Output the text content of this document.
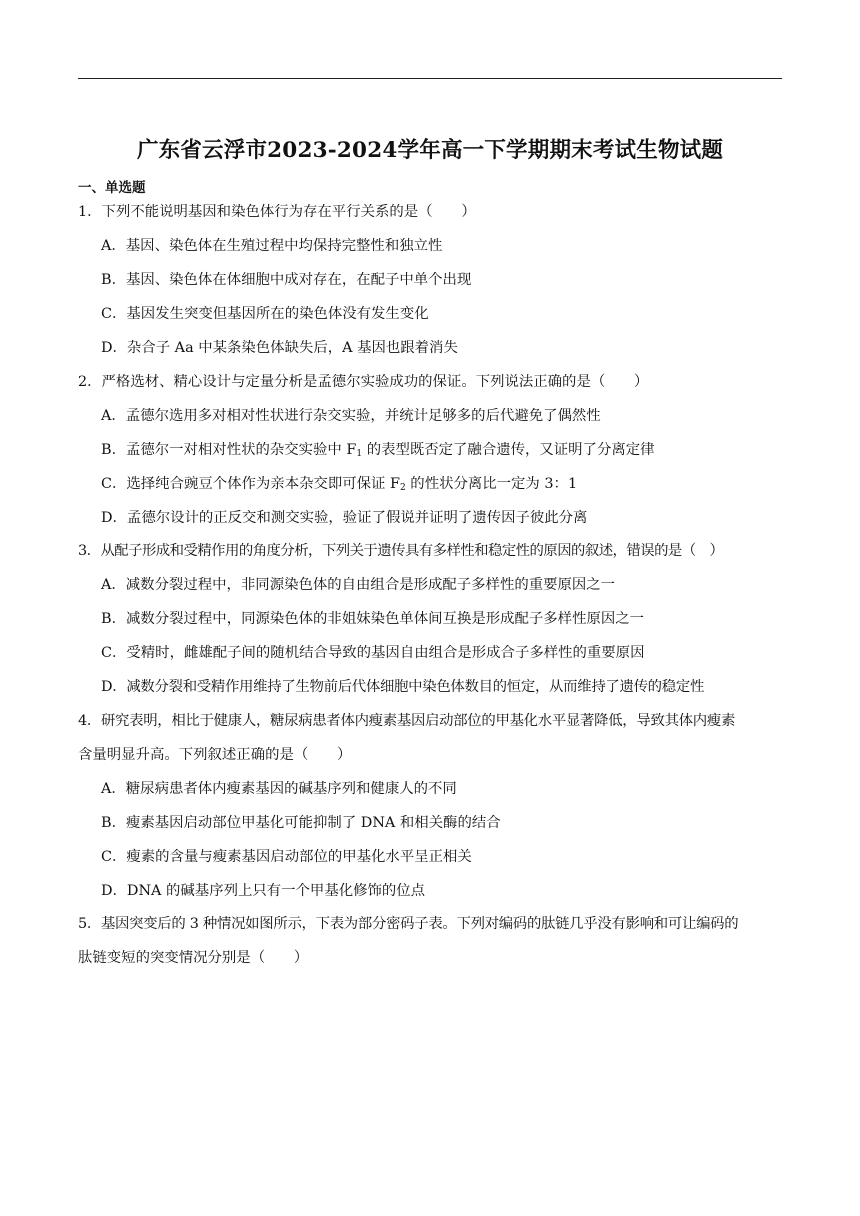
广东省云浮市2023-2024学年高一下学期期末考试生物试题
一、单选题
1．下列不能说明基因和染色体行为存在平行关系的是（　　）
A．基因、染色体在生殖过程中均保持完整性和独立性
B．基因、染色体在体细胞中成对存在，在配子中单个出现
C．基因发生突变但基因所在的染色体没有发生变化
D．杂合子 Aa 中某条染色体缺失后，A 基因也跟着消失
2．严格选材、精心设计与定量分析是孟德尔实验成功的保证。下列说法正确的是（　　）
A．孟德尔选用多对相对性状进行杂交实验，并统计足够多的后代避免了偶然性
B．孟德尔一对相对性状的杂交实验中 $F_1$ 的表型既否定了融合遗传，又证明了分离定律
C．选择纯合豌豆个体作为亲本杂交即可保证 $F_2$ 的性状分离比一定为 3：1
D．孟德尔设计的正反交和测交实验，验证了假说并证明了遗传因子彼此分离
3．从配子形成和受精作用的角度分析，下列关于遗传具有多样性和稳定性的原因的叙述，错误的是（　）
A．减数分裂过程中，非同源染色体的自由组合是形成配子多样性的重要原因之一
B．减数分裂过程中，同源染色体的非姐妹染色单体间互换是形成配子多样性原因之一
C．受精时，雌雄配子间的随机结合导致的基因自由组合是形成合子多样性的重要原因
D．减数分裂和受精作用维持了生物前后代体细胞中染色体数目的恒定，从而维持了遗传的稳定性
4．研究表明，相比于健康人，糖尿病患者体内瘦素基因启动部位的甲基化水平显著降低，导致其体内瘦素
含量明显升高。下列叙述正确的是（　　）
A．糖尿病患者体内瘦素基因的碱基序列和健康人的不同
B．瘦素基因启动部位甲基化可能抑制了 DNA 和相关酶的结合
C．瘦素的含量与瘦素基因启动部位的甲基化水平呈正相关
D．DNA 的碱基序列上只有一个甲基化修饰的位点
5．基因突变后的 3 种情况如图所示，下表为部分密码子表。下列对编码的肽链几乎没有影响和可让编码的
肽链变短的突变情况分别是（　　）
